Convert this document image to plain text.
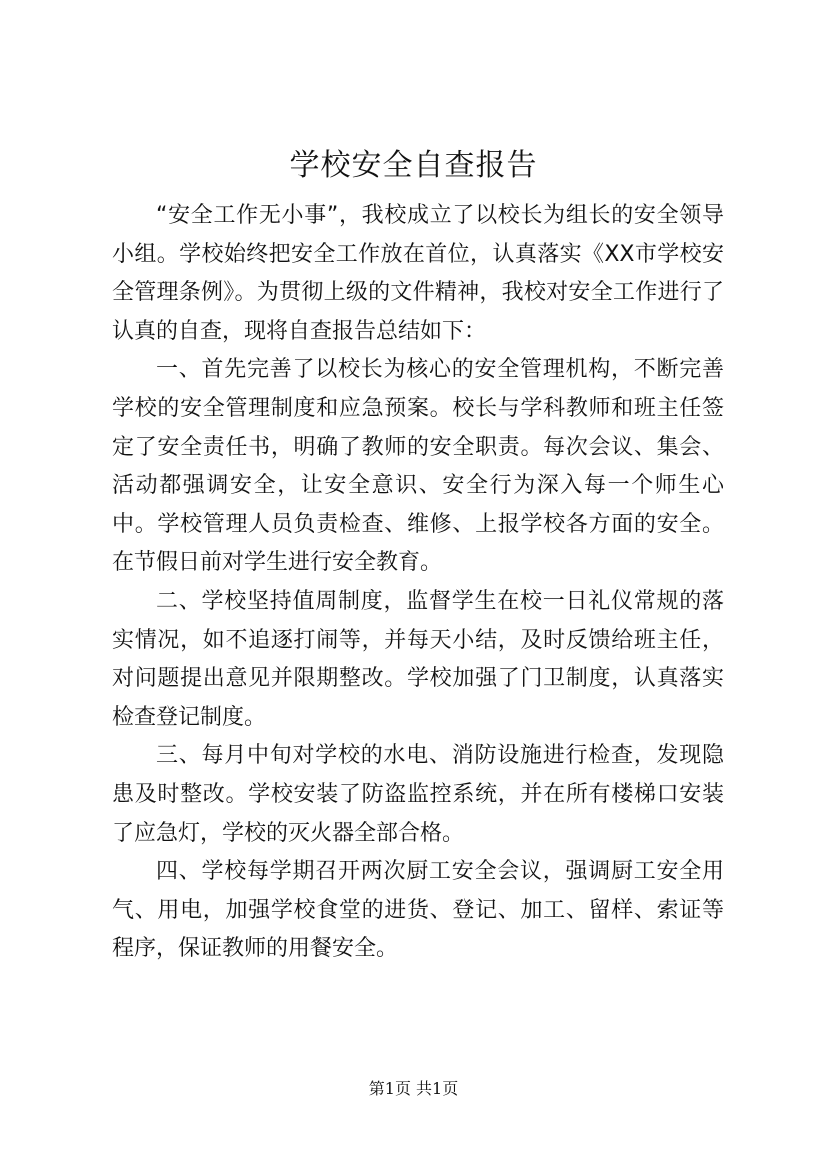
学校安全自查报告

“安全工作无小事”，我校成立了以校长为组长的安全领导小组。学校始终把安全工作放在首位，认真落实《XX市学校安全管理条例》。为贯彻上级的文件精神，我校对安全工作进行了认真的自查，现将自查报告总结如下：

一、首先完善了以校长为核心的安全管理机构，不断完善学校的安全管理制度和应急预案。校长与学科教师和班主任签定了安全责任书，明确了教师的安全职责。每次会议、集会、活动都强调安全，让安全意识、安全行为深入每一个师生心中。学校管理人员负责检查、维修、上报学校各方面的安全。在节假日前对学生进行安全教育。

二、学校坚持值周制度，监督学生在校一日礼仪常规的落实情况，如不追逐打闹等，并每天小结，及时反馈给班主任，对问题提出意见并限期整改。学校加强了门卫制度，认真落实检查登记制度。

三、每月中旬对学校的水电、消防设施进行检查，发现隐患及时整改。学校安装了防盗监控系统，并在所有楼梯口安装了应急灯，学校的灭火器全部合格。

四、学校每学期召开两次厨工安全会议，强调厨工安全用气、用电，加强学校食堂的进货、登记、加工、留样、索证等程序，保证教师的用餐安全。

第1页 共1页
